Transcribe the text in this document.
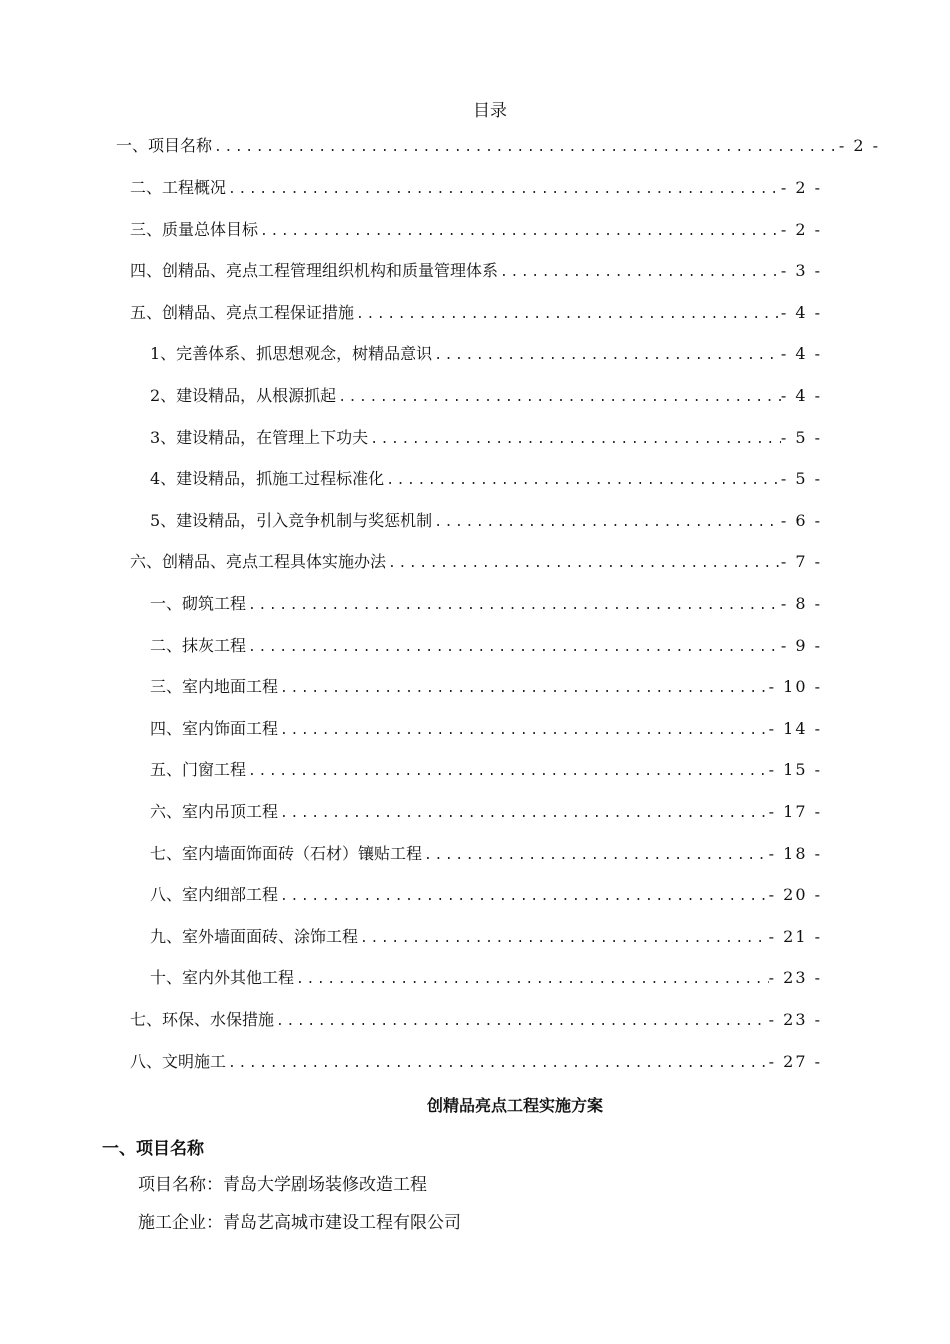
目录
一、项目名称 .....	- 2 -
二、工程概况 .....	- 2 -
三、质量总体目标 .....	- 2 -
四、创精品、亮点工程管理组织机构和质量管理体系 .....	- 3 -
五、创精品、亮点工程保证措施 .....	- 4 -
1、完善体系、抓思想观念，树精品意识 .....	- 4 -
2、建设精品，从根源抓起 .....	- 4 -
3、建设精品，在管理上下功夫 .....	- 5 -
4、建设精品，抓施工过程标准化 .....	- 5 -
5、建设精品，引入竞争机制与奖惩机制 .....	- 6 -
六、创精品、亮点工程具体实施办法 .....	- 7 -
一、砌筑工程 .....	- 8 -
二、抹灰工程 .....	- 9 -
三、室内地面工程 .....	- 10 -
四、室内饰面工程 .....	- 14 -
五、门窗工程 .....	- 15 -
六、室内吊顶工程 .....	- 17 -
七、室内墙面饰面砖（石材）镶贴工程 .....	- 18 -
八、室内细部工程 .....	- 20 -
九、室外墙面面砖、涂饰工程 .....	- 21 -
十、室内外其他工程 .....	- 23 -
七、环保、水保措施 .....	- 23 -
八、文明施工 .....	- 27 -
创精品亮点工程实施方案
一、项目名称
项目名称：青岛大学剧场装修改造工程
施工企业：青岛艺高城市建设工程有限公司
